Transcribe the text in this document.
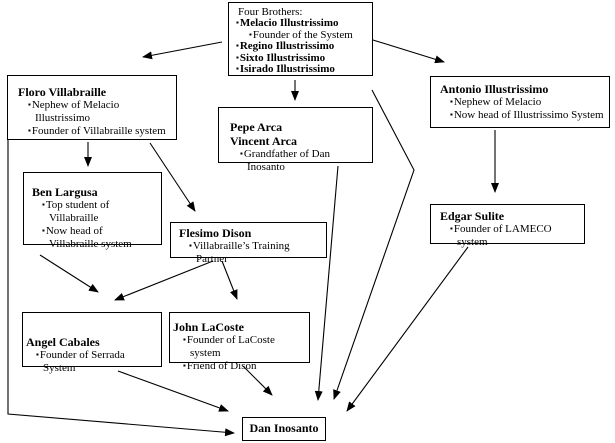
Four Brothers:
▪ Melacio Illustrissimo
▪ Founder of the System
▪ Regino Illustrissimo
▪ Sixto Illustrissimo
▪ Isirado Illustrissimo
Floro Villabraille
▪ Nephew of Melacio Illustrissimo
▪ Founder of Villabraille system
Antonio Illustrissimo
▪ Nephew of Melacio
▪ Now head of Illustrissimo System
Pepe Arca
Vincent Arca
▪ Grandfather of Dan Inosanto
Ben Largusa
▪ Top student of Villabraille
▪ Now head of Villabraille system
Flesimo Dison
▪ Villabraille’s Training Partner
Edgar Sulite
▪ Founder of LAMECO system
Angel Cabales
▪ Founder of Serrada System
John LaCoste
▪ Founder of LaCoste system
▪ Friend of Dison
Dan Inosanto
